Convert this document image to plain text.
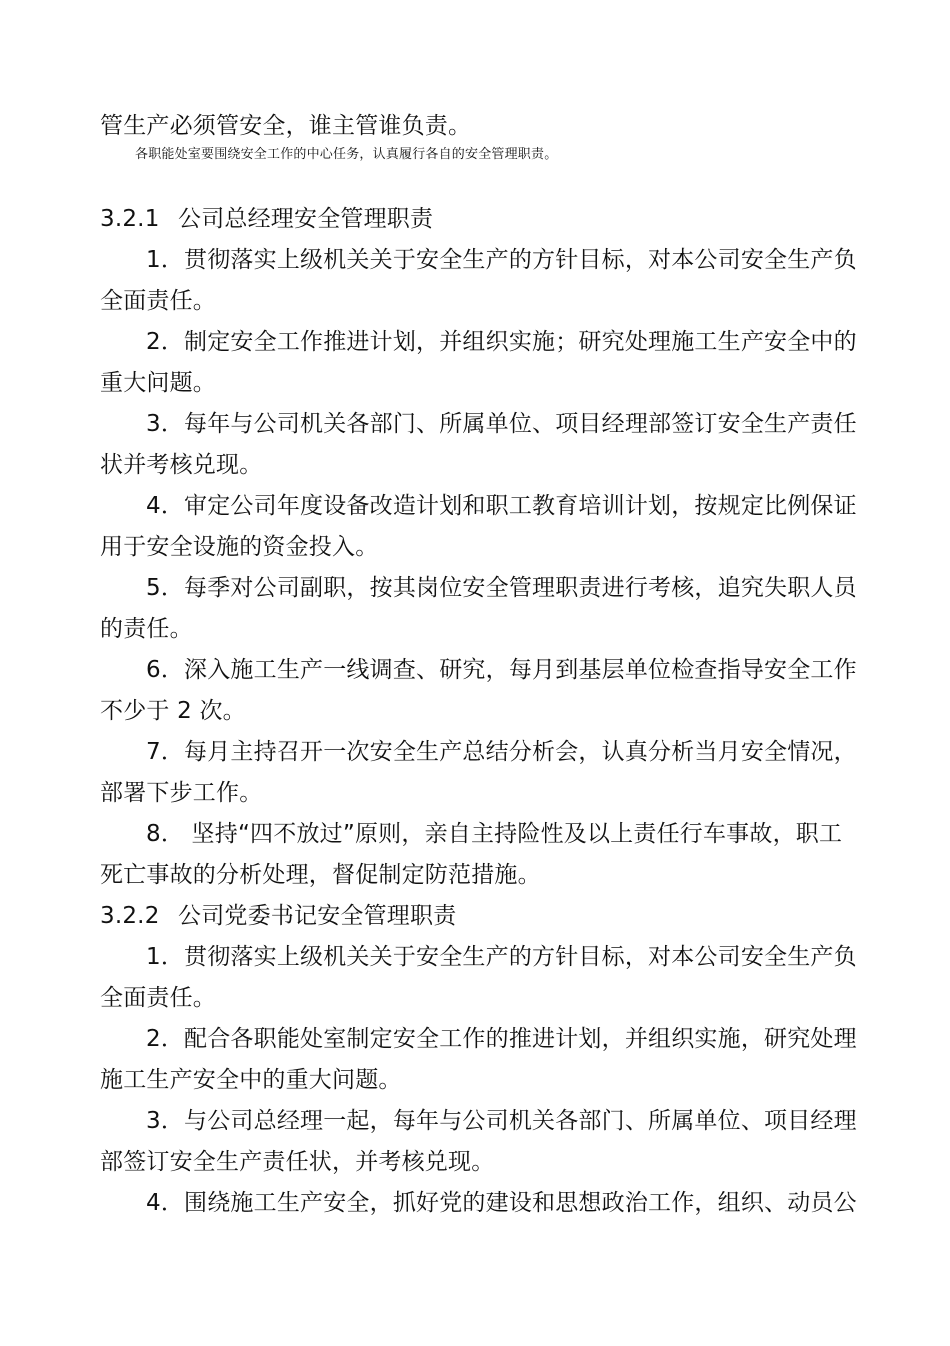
管生产必须管安全，谁主管谁负责。
各职能处室要围绕安全工作的中心任务，认真履行各自的安全管理职责。
3.2.1 公司总经理安全管理职责
1．贯彻落实上级机关关于安全生产的方针目标，对本公司安全生产负
全面责任。
2．制定安全工作推进计划，并组织实施；研究处理施工生产安全中的
重大问题。
3．每年与公司机关各部门、所属单位、项目经理部签订安全生产责任
状并考核兑现。
4．审定公司年度设备改造计划和职工教育培训计划，按规定比例保证
用于安全设施的资金投入。
5．每季对公司副职，按其岗位安全管理职责进行考核，追究失职人员
的责任。
6．深入施工生产一线调查、研究，每月到基层单位检查指导安全工作
不少于 2 次。
7．每月主持召开一次安全生产总结分析会，认真分析当月安全情况，
部署下步工作。
8． 坚持“四不放过”原则，亲自主持险性及以上责任行车事故，职工
死亡事故的分析处理，督促制定防范措施。
3.2.2 公司党委书记安全管理职责
1．贯彻落实上级机关关于安全生产的方针目标，对本公司安全生产负
全面责任。
2．配合各职能处室制定安全工作的推进计划，并组织实施，研究处理
施工生产安全中的重大问题。
3．与公司总经理一起，每年与公司机关各部门、所属单位、项目经理
部签订安全生产责任状，并考核兑现。
4．围绕施工生产安全，抓好党的建设和思想政治工作，组织、动员公
